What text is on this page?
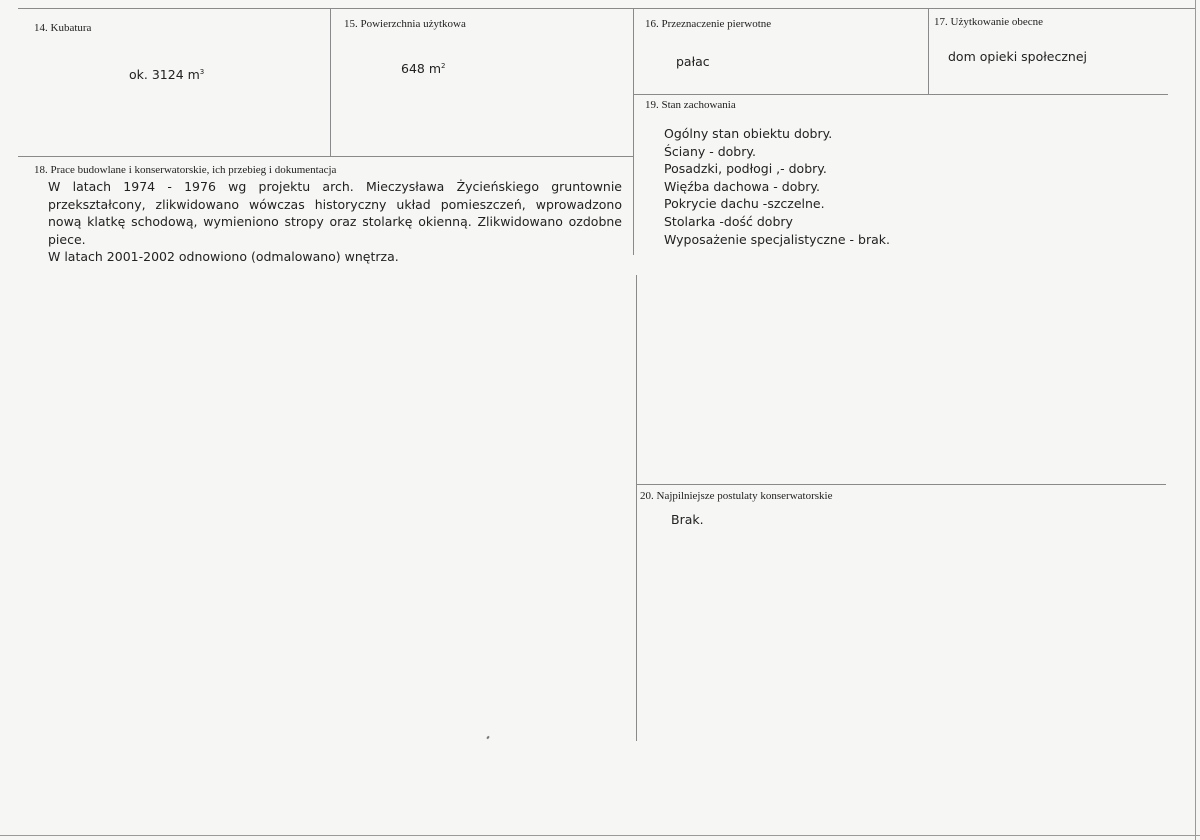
14. Kubatura
ok. 3124 $m^3$
15. Powierzchnia użytkowa
648 $m^2$
16. Przeznaczenie pierwotne
pałac
17. Użytkowanie obecne
dom opieki społecznej
19. Stan zachowania
Ogólny stan obiektu dobry.
Ściany - dobry.
Posadzki, podłogi ,- dobry.
Więźba dachowa - dobry.
Pokrycie dachu -szczelne.
Stolarka -dość dobry
Wyposażenie specjalistyczne - brak.
18. Prace budowlane i konserwatorskie, ich przebieg i dokumentacja
W latach 1974 - 1976 wg projektu arch. Mieczysława Życieńskiego gruntownie przekształcony, zlikwidowano wówczas historyczny układ pomieszczeń, wprowadzono nową klatkę schodową, wymieniono stropy oraz stolarkę okienną. Zlikwidowano ozdobne piece.
W latach 2001-2002 odnowiono (odmalowano) wnętrza.
20. Najpilniejsze postulaty konserwatorskie
Brak.
